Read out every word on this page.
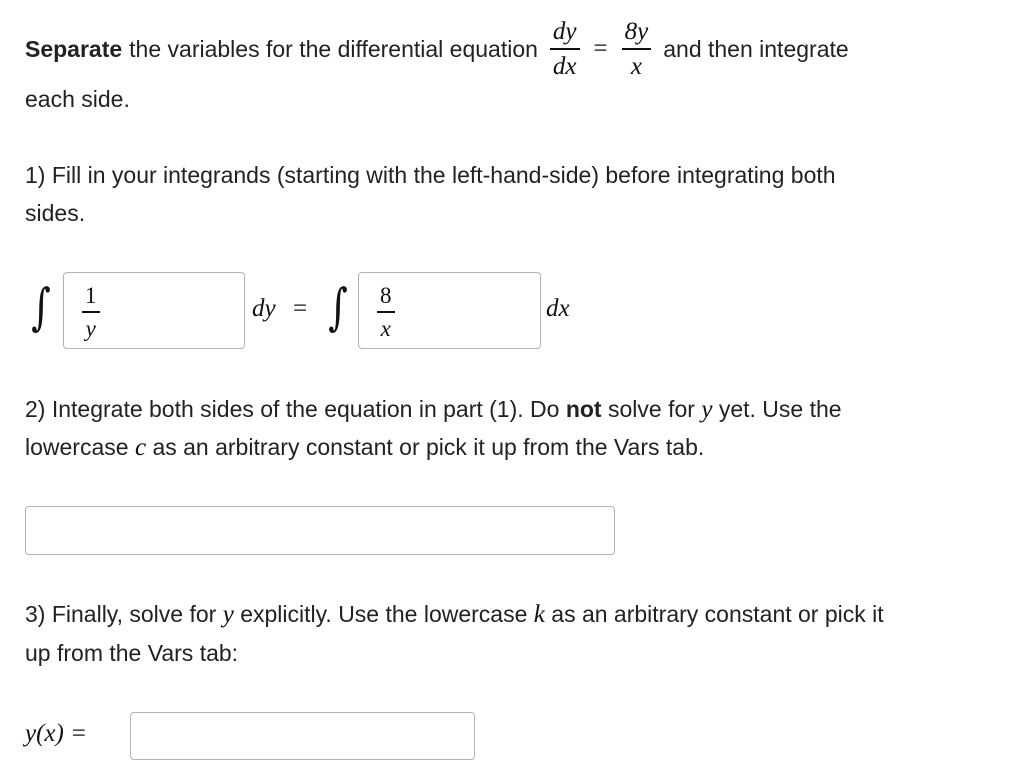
Separate the variables for the differential equation $\frac{dy}{dx} = \frac{8y}{x}$ and then integrate
each side.
1) Fill in your integrands (starting with the left-hand-side) before integrating both
sides.
∫ 1
y
dy = ∫ 8
x
dx
2) Integrate both sides of the equation in part (1). Do not solve for y yet. Use the
lowercase c as an arbitrary constant or pick it up from the Vars tab.
3) Finally, solve for y explicitly. Use the lowercase k as an arbitrary constant or pick it
up from the Vars tab:
y(x) =
